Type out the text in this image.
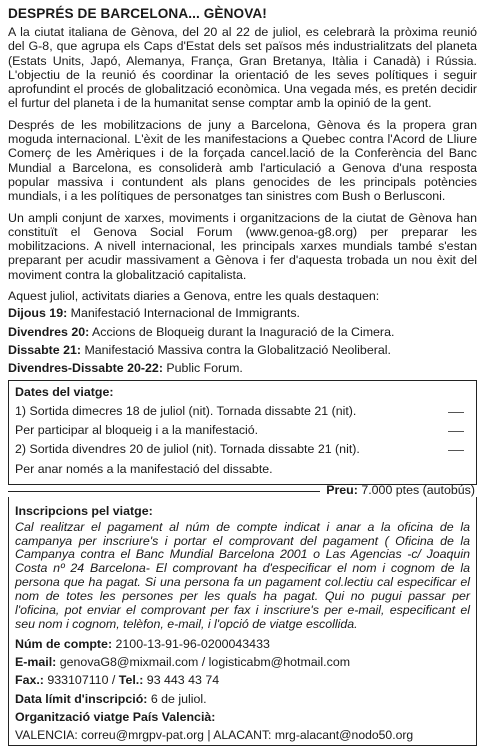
DESPRÉS DE BARCELONA... GÈNOVA!

A la ciutat italiana de Gènova, del 20 al 22 de juliol, es celebrarà la pròxima reunió del G-8, que agrupa els Caps d'Estat dels set països més industrialitzats del planeta (Estats Units, Japó, Alemanya, França, Gran Bretanya, Itàlia i Canadà) i Rússia. L'objectiu de la reunió és coordinar la orientació de les seves polítiques i seguir aprofundint el procés de globalització econòmica. Una vegada més, es pretén decidir el furtur del planeta i de la humanitat sense comptar amb la opinió de la gent.

Després de les mobilitzacions de juny a Barcelona, Gènova és la propera gran moguda internacional. L'èxit de les manifestacions a Quebec contra l'Acord de Lliure Comerç de les Amèriques i de la forçada cancel.lació de la Conferència del Banc Mundial a Barcelona, es consoliderà amb l'articulació a Genova d'una resposta popular massiva i contundent als plans genocides de les principals potències mundials, i a les polítiques de personatges tan sinistres com Bush o Berlusconi.

Un ampli conjunt de xarxes, moviments i organitzacions de la ciutat de Gènova han constituït el Genova Social Forum (www.genoa-g8.org) per preparar les mobilitzacions. A nivell internacional, les principals xarxes mundials també s'estan preparant per acudir massivament a Gènova i fer d'aquesta trobada un nou èxit del moviment contra la globalització capitalista.

Aquest juliol, activitats diaries a Genova, entre les quals destaquen:

Dijous 19: Manifestació Internacional de Immigrants.
Divendres 20: Accions de Bloqueig durant la Inaguració de la Cimera.
Dissabte 21: Manifestació Massiva contra la Globalització Neoliberal.
Divendres-Dissabte 20-22: Public Forum.
Dates del viatge:
1) Sortida dimecres 18 de juliol (nit). Tornada dissabte 21 (nit).
Per participar al bloqueig i a la manifestació.
2) Sortida divendres 20 de juliol (nit). Tornada dissabte 21 (nit).
Per anar només a la manifestació del dissabte.
Preu: 7.000 ptes (autobús)
Inscripcions pel viatge:

Cal realitzar el pagament al núm de compte indicat i anar a la oficina de la campanya per inscriure's i portar el comprovant del pagament ( Oficina de la Campanya contra el Banc Mundial Barcelona 2001 o Las Agencias -c/ Joaquin Costa nº 24 Barcelona- El comprovant ha d'especificar el nom i cognom de la persona que ha pagat. Si una persona fa un pagament col.lectiu cal especificar el nom de totes les persones per les quals ha pagat. Qui no pugui passar per l'oficina, pot enviar el comprovant per fax i inscriure's per e-mail, especificant el seu nom i cognom, telèfon, e-mail, i l'opció de viatge escollida.

Núm de compte: 2100-13-91-96-0200043433
E-mail: genovaG8@mixmail.com / logisticabm@hotmail.com
Fax.: 933107110 / Tel.: 93 443 43 74
Data límit d'inscripció: 6 de juliol.
Organització viatge País Valencià:
VALENCIA: correu@mrgpv-pat.org | ALACANT: mrg-alacant@nodo50.org
